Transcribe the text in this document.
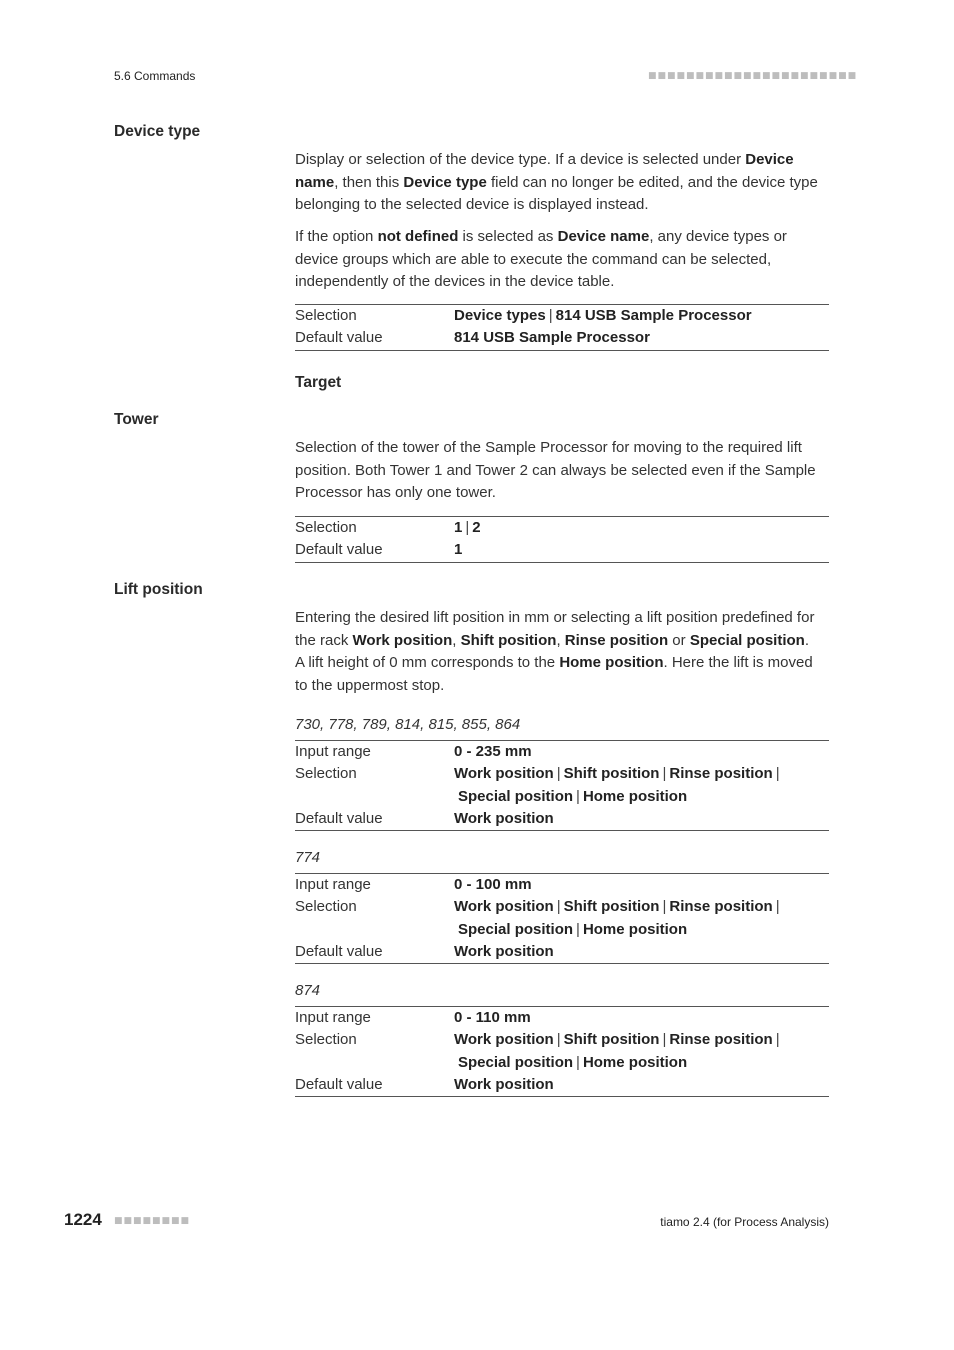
5.6 Commands	■■■■■■■■■■■■■■■■■■■■■■
Device type
Display or selection of the device type. If a device is selected under Device name, then this Device type field can no longer be edited, and the device type belonging to the selected device is displayed instead.
If the option not defined is selected as Device name, any device types or device groups which are able to execute the command can be selected, independently of the devices in the device table.
Selection	Device types | 814 USB Sample Processor
Default value	814 USB Sample Processor
Target
Tower
Selection of the tower of the Sample Processor for moving to the required lift position. Both Tower 1 and Tower 2 can always be selected even if the Sample Processor has only one tower.
Selection	1 | 2
Default value	1
Lift position
Entering the desired lift position in mm or selecting a lift position predefined for the rack Work position, Shift position, Rinse position or Special position. A lift height of 0 mm corresponds to the Home position. Here the lift is moved to the uppermost stop.
730, 778, 789, 814, 815, 855, 864
Input range	0 - 235 mm
Selection	Work position | Shift position | Rinse position |
Special position | Home position
Default value	Work position
774
Input range	0 - 100 mm
Selection	Work position | Shift position | Rinse position |
Special position | Home position
Default value	Work position
874
Input range	0 - 110 mm
Selection	Work position | Shift position | Rinse position |
Special position | Home position
Default value	Work position
1224 ■■■■■■■■	tiamo 2.4 (for Process Analysis)
